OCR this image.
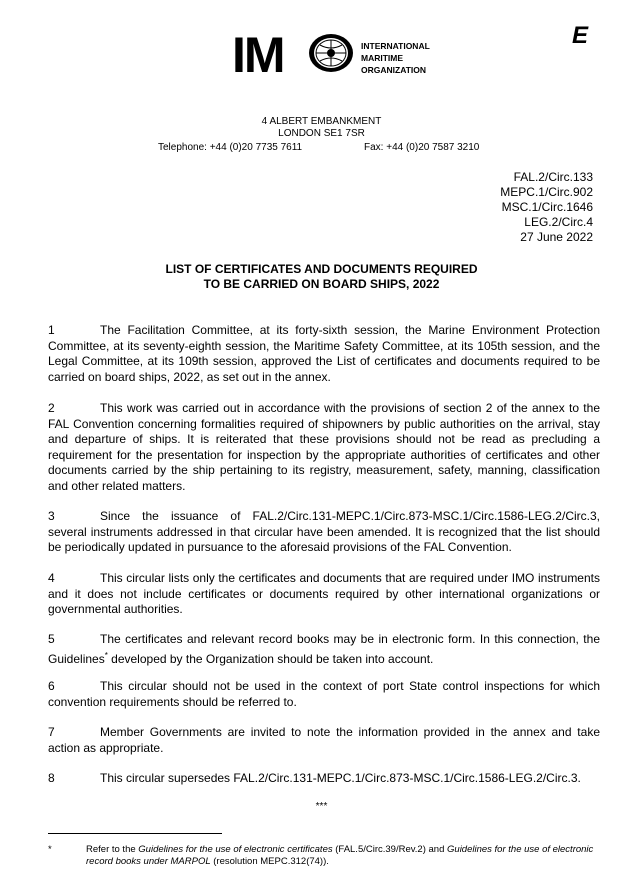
IM	INTERNATIONAL
MARITIME
ORGANIZATION
E
4 ALBERT EMBANKMENT
LONDON SE1 7SR
Telephone: +44 (0)20 7735 7611	Fax: +44 (0)20 7587 3210
FAL.2/Circ.133
MEPC.1/Circ.902
MSC.1/Circ.1646
LEG.2/Circ.4
27 June 2022
LIST OF CERTIFICATES AND DOCUMENTS REQUIRED
TO BE CARRIED ON BOARD SHIPS, 2022

1	The Facilitation Committee, at its forty-sixth session, the Marine Environment Protection Committee, at its seventy-eighth session, the Maritime Safety Committee, at its 105th session, and the Legal Committee, at its 109th session, approved the List of certificates and documents required to be carried on board ships, 2022, as set out in the annex.

2	This work was carried out in accordance with the provisions of section 2 of the annex to the FAL Convention concerning formalities required of shipowners by public authorities on the arrival, stay and departure of ships. It is reiterated that these provisions should not be read as precluding a requirement for the presentation for inspection by the appropriate authorities of certificates and other documents carried by the ship pertaining to its registry, measurement, safety, manning, classification and other related matters.

3	Since the issuance of FAL.2/Circ.131-MEPC.1/Circ.873-MSC.1/Circ.1586-LEG.2/Circ.3, several instruments addressed in that circular have been amended. It is recognized that the list should be periodically updated in pursuance to the aforesaid provisions of the FAL Convention.

4	This circular lists only the certificates and documents that are required under IMO instruments and it does not include certificates or documents required by other international organizations or governmental authorities.

5	The certificates and relevant record books may be in electronic form. In this connection, the Guidelines* developed by the Organization should be taken into account.

6	This circular should not be used in the context of port State control inspections for which convention requirements should be referred to.

7	Member Governments are invited to note the information provided in the annex and take action as appropriate.

8	This circular supersedes FAL.2/Circ.131-MEPC.1/Circ.873-MSC.1/Circ.1586-LEG.2/Circ.3.

***
*	Refer to the Guidelines for the use of electronic certificates (FAL.5/Circ.39/Rev.2) and Guidelines for the use of electronic record books under MARPOL (resolution MEPC.312(74)).
